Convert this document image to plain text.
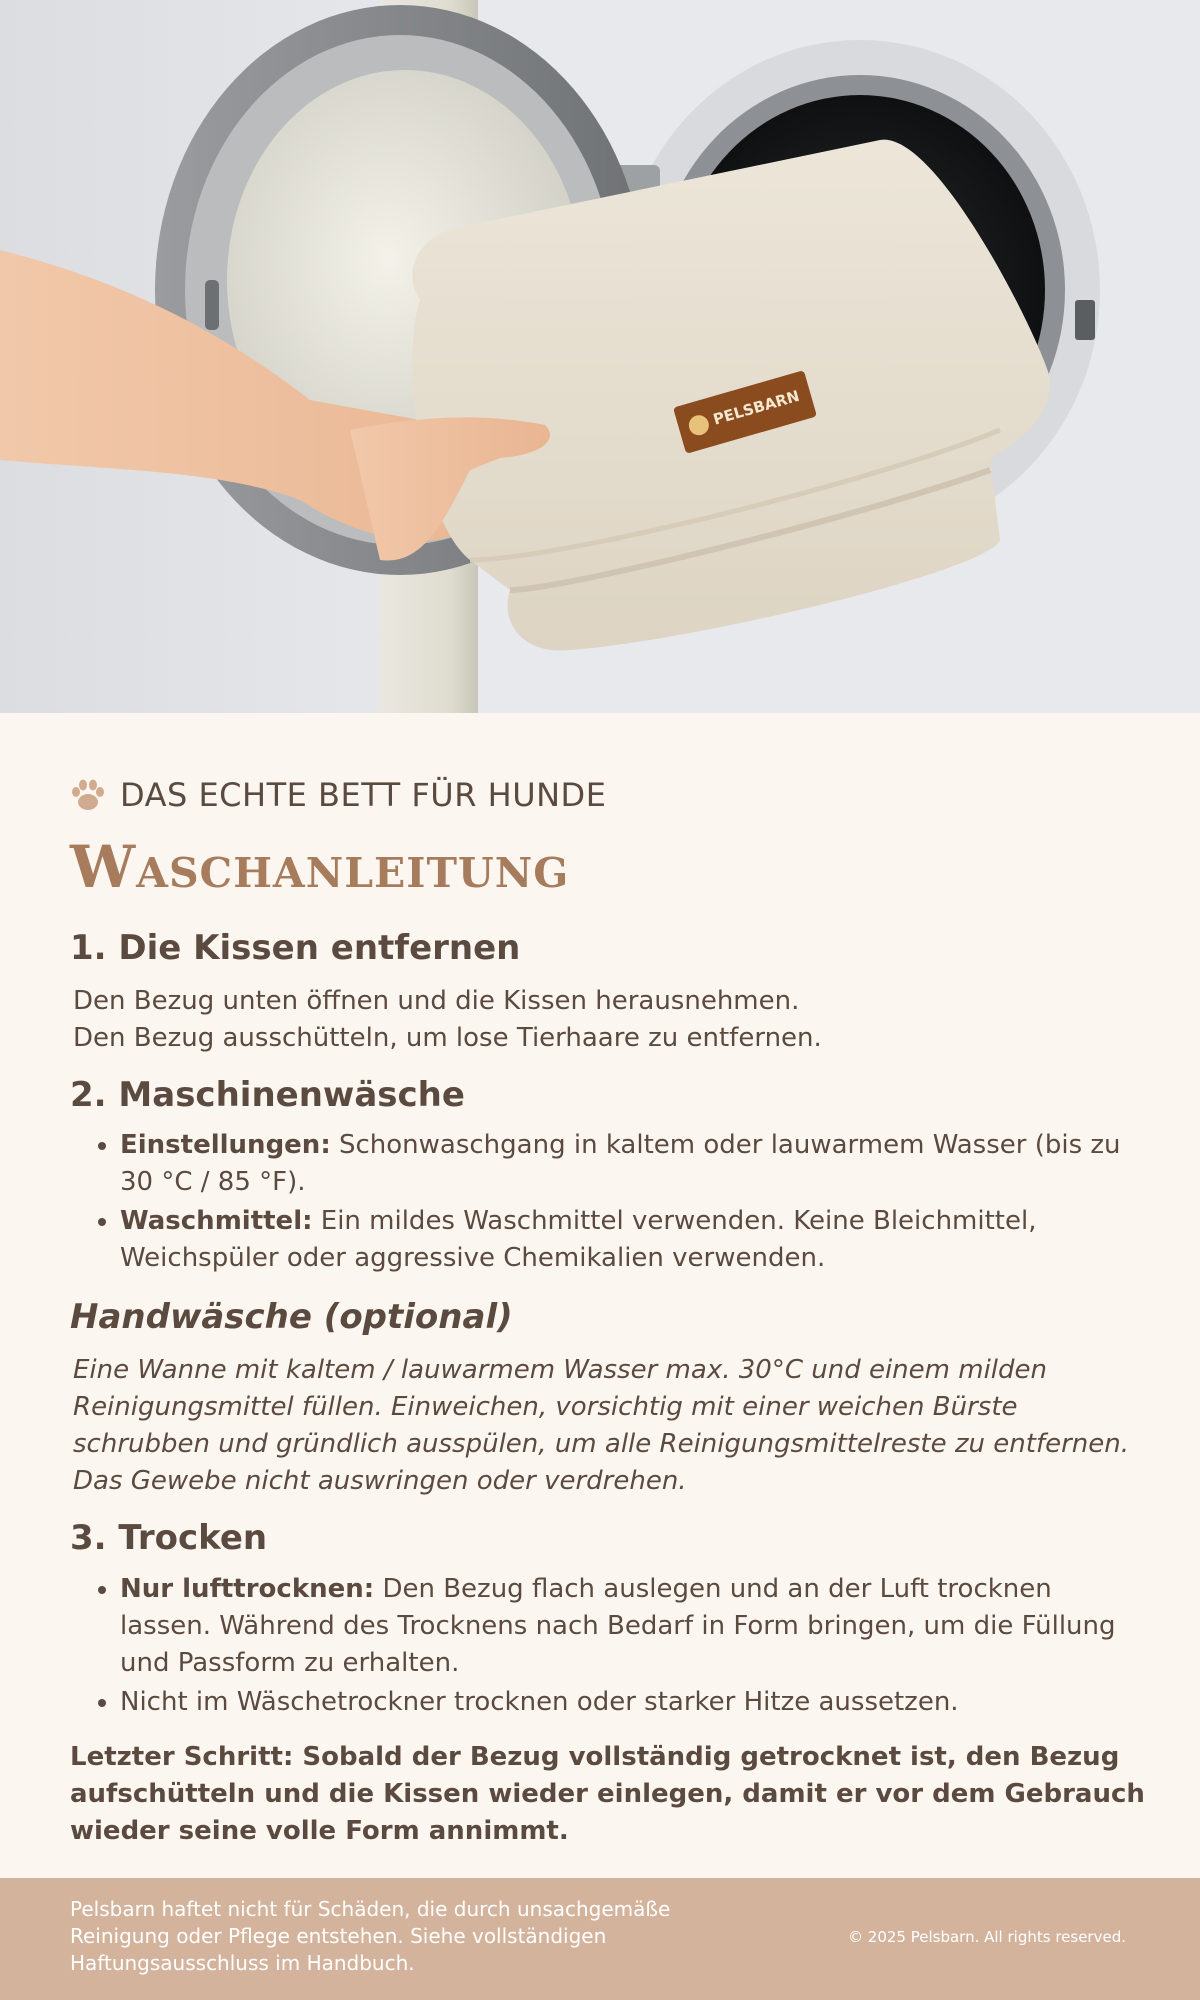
PELSBARN
DAS ECHTE BETT FÜR HUNDE
Waschanleitung
1. Die Kissen entfernen
Den Bezug unten öffnen und die Kissen herausnehmen.
Den Bezug ausschütteln, um lose Tierhaare zu entfernen.
2. Maschinenwäsche
• Einstellungen: Schonwaschgang in kaltem oder lauwarmem Wasser (bis zu 30 °C / 85 °F).
• Waschmittel: Ein mildes Waschmittel verwenden. Keine Bleichmittel, Weichspüler oder aggressive Chemikalien verwenden.
Handwäsche (optional)
Eine Wanne mit kaltem / lauwarmem Wasser max. 30°C und einem milden Reinigungsmittel füllen. Einweichen, vorsichtig mit einer weichen Bürste schrubben und gründlich ausspülen, um alle Reinigungsmittelreste zu entfernen. Das Gewebe nicht auswringen oder verdrehen.
3. Trocken
• Nur lufttrocknen: Den Bezug flach auslegen und an der Luft trocknen lassen. Während des Trocknens nach Bedarf in Form bringen, um die Füllung und Passform zu erhalten.
• Nicht im Wäschetrockner trocknen oder starker Hitze aussetzen.
Letzter Schritt: Sobald der Bezug vollständig getrocknet ist, den Bezug aufschütteln und die Kissen wieder einlegen, damit er vor dem Gebrauch wieder seine volle Form annimmt.
Pelsbarn haftet nicht für Schäden, die durch unsachgemäße Reinigung oder Pflege entstehen. Siehe vollständigen Haftungsausschluss im Handbuch.
© 2025 Pelsbarn. All rights reserved.
